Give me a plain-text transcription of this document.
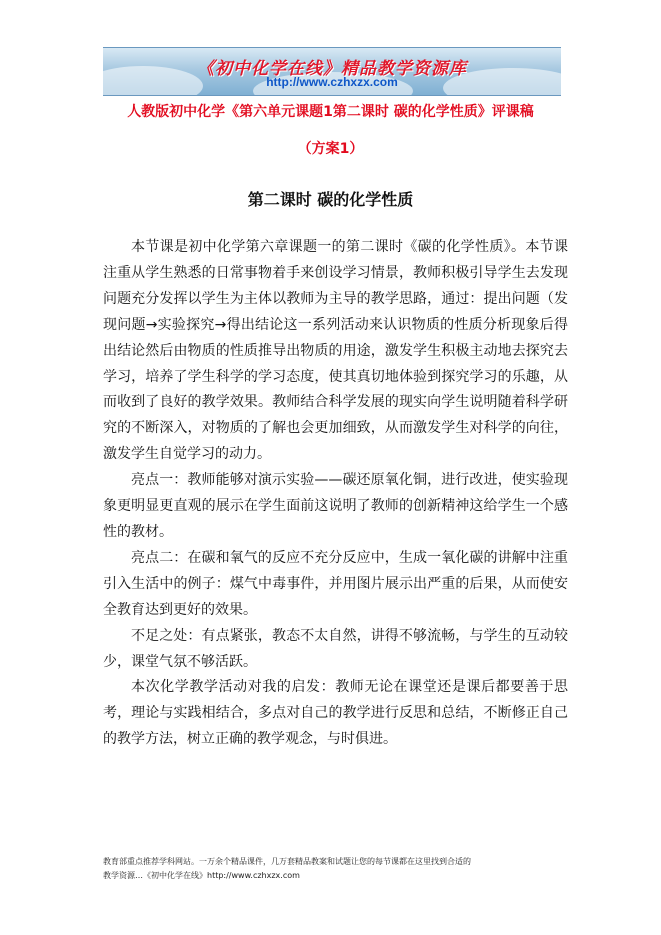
《初中化学在线》精品教学资源库
http://www.czhxzx.com
人教版初中化学《第六单元课题1第二课时 碳的化学性质》评课稿
（方案1）
第二课时 碳的化学性质

本节课是初中化学第六章课题一的第二课时《碳的化学性质》。本节课注重从学生熟悉的日常事物着手来创设学习情景，教师积极引导学生去发现问题充分发挥以学生为主体以教师为主导的教学思路，通过：提出问题（发现问题→实验探究→得出结论这一系列活动来认识物质的性质分析现象后得出结论然后由物质的性质推导出物质的用途，激发学生积极主动地去探究去学习，培养了学生科学的学习态度，使其真切地体验到探究学习的乐趣，从而收到了良好的教学效果。教师结合科学发展的现实向学生说明随着科学研究的不断深入，对物质的了解也会更加细致，从而激发学生对科学的向往，激发学生自觉学习的动力。

亮点一：教师能够对演示实验——碳还原氧化铜，进行改进，使实验现象更明显更直观的展示在学生面前这说明了教师的创新精神这给学生一个感性的教材。

亮点二：在碳和氧气的反应不充分反应中，生成一氧化碳的讲解中注重引入生活中的例子：煤气中毒事件，并用图片展示出严重的后果，从而使安全教育达到更好的效果。

不足之处：有点紧张，教态不太自然，讲得不够流畅，与学生的互动较少，课堂气氛不够活跃。

本次化学教学活动对我的启发：教师无论在课堂还是课后都要善于思考，理论与实践相结合，多点对自己的教学进行反思和总结，不断修正自己的教学方法，树立正确的教学观念，与时俱进。

教育部重点推荐学科网站。一万余个精品课件，几万套精品教案和试题让您的每节课都在这里找到合适的
教学资源…《初中化学在线》http://www.czhxzx.com
